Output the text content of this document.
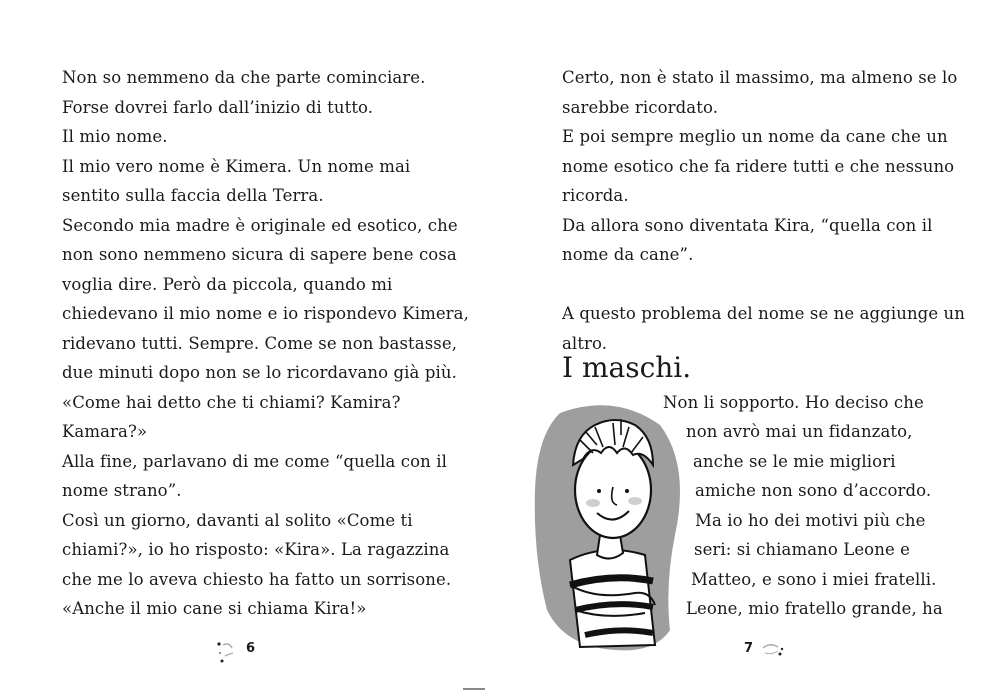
Non so nemmeno da che parte cominciare.
Forse dovrei farlo dall’inizio di tutto.
Il mio nome.
Il mio vero nome è Kimera. Un nome mai
sentito sulla faccia della Terra.
Secondo mia madre è originale ed esotico, che
non sono nemmeno sicura di sapere bene cosa
voglia dire. Però da piccola, quando mi
chiedevano il mio nome e io rispondevo Kimera,
ridevano tutti. Sempre. Come se non bastasse,
due minuti dopo non se lo ricordavano già più.
«Come hai detto che ti chiami? Kamira?
Kamara?»
Alla fine, parlavano di me come “quella con il
nome strano”.
Così un giorno, davanti al solito «Come ti
chiami?», io ho risposto: «Kira». La ragazzina
che me lo aveva chiesto ha fatto un sorrisone.
«Anche il mio cane si chiama Kira!»
6
Certo, non è stato il massimo, ma almeno se lo
sarebbe ricordato.
E poi sempre meglio un nome da cane che un
nome esotico che fa ridere tutti e che nessuno
ricorda.
Da allora sono diventata Kira, “quella con il
nome da cane”.
A questo problema del nome se ne aggiunge un
altro.
I maschi.
Non li sopporto. Ho deciso che
non avrò mai un fidanzato,
anche se le mie migliori
amiche non sono d’accordo.
Ma io ho dei motivi più che
seri: si chiamano Leone e
Matteo, e sono i miei fratelli.
Leone, mio fratello grande, ha
7
